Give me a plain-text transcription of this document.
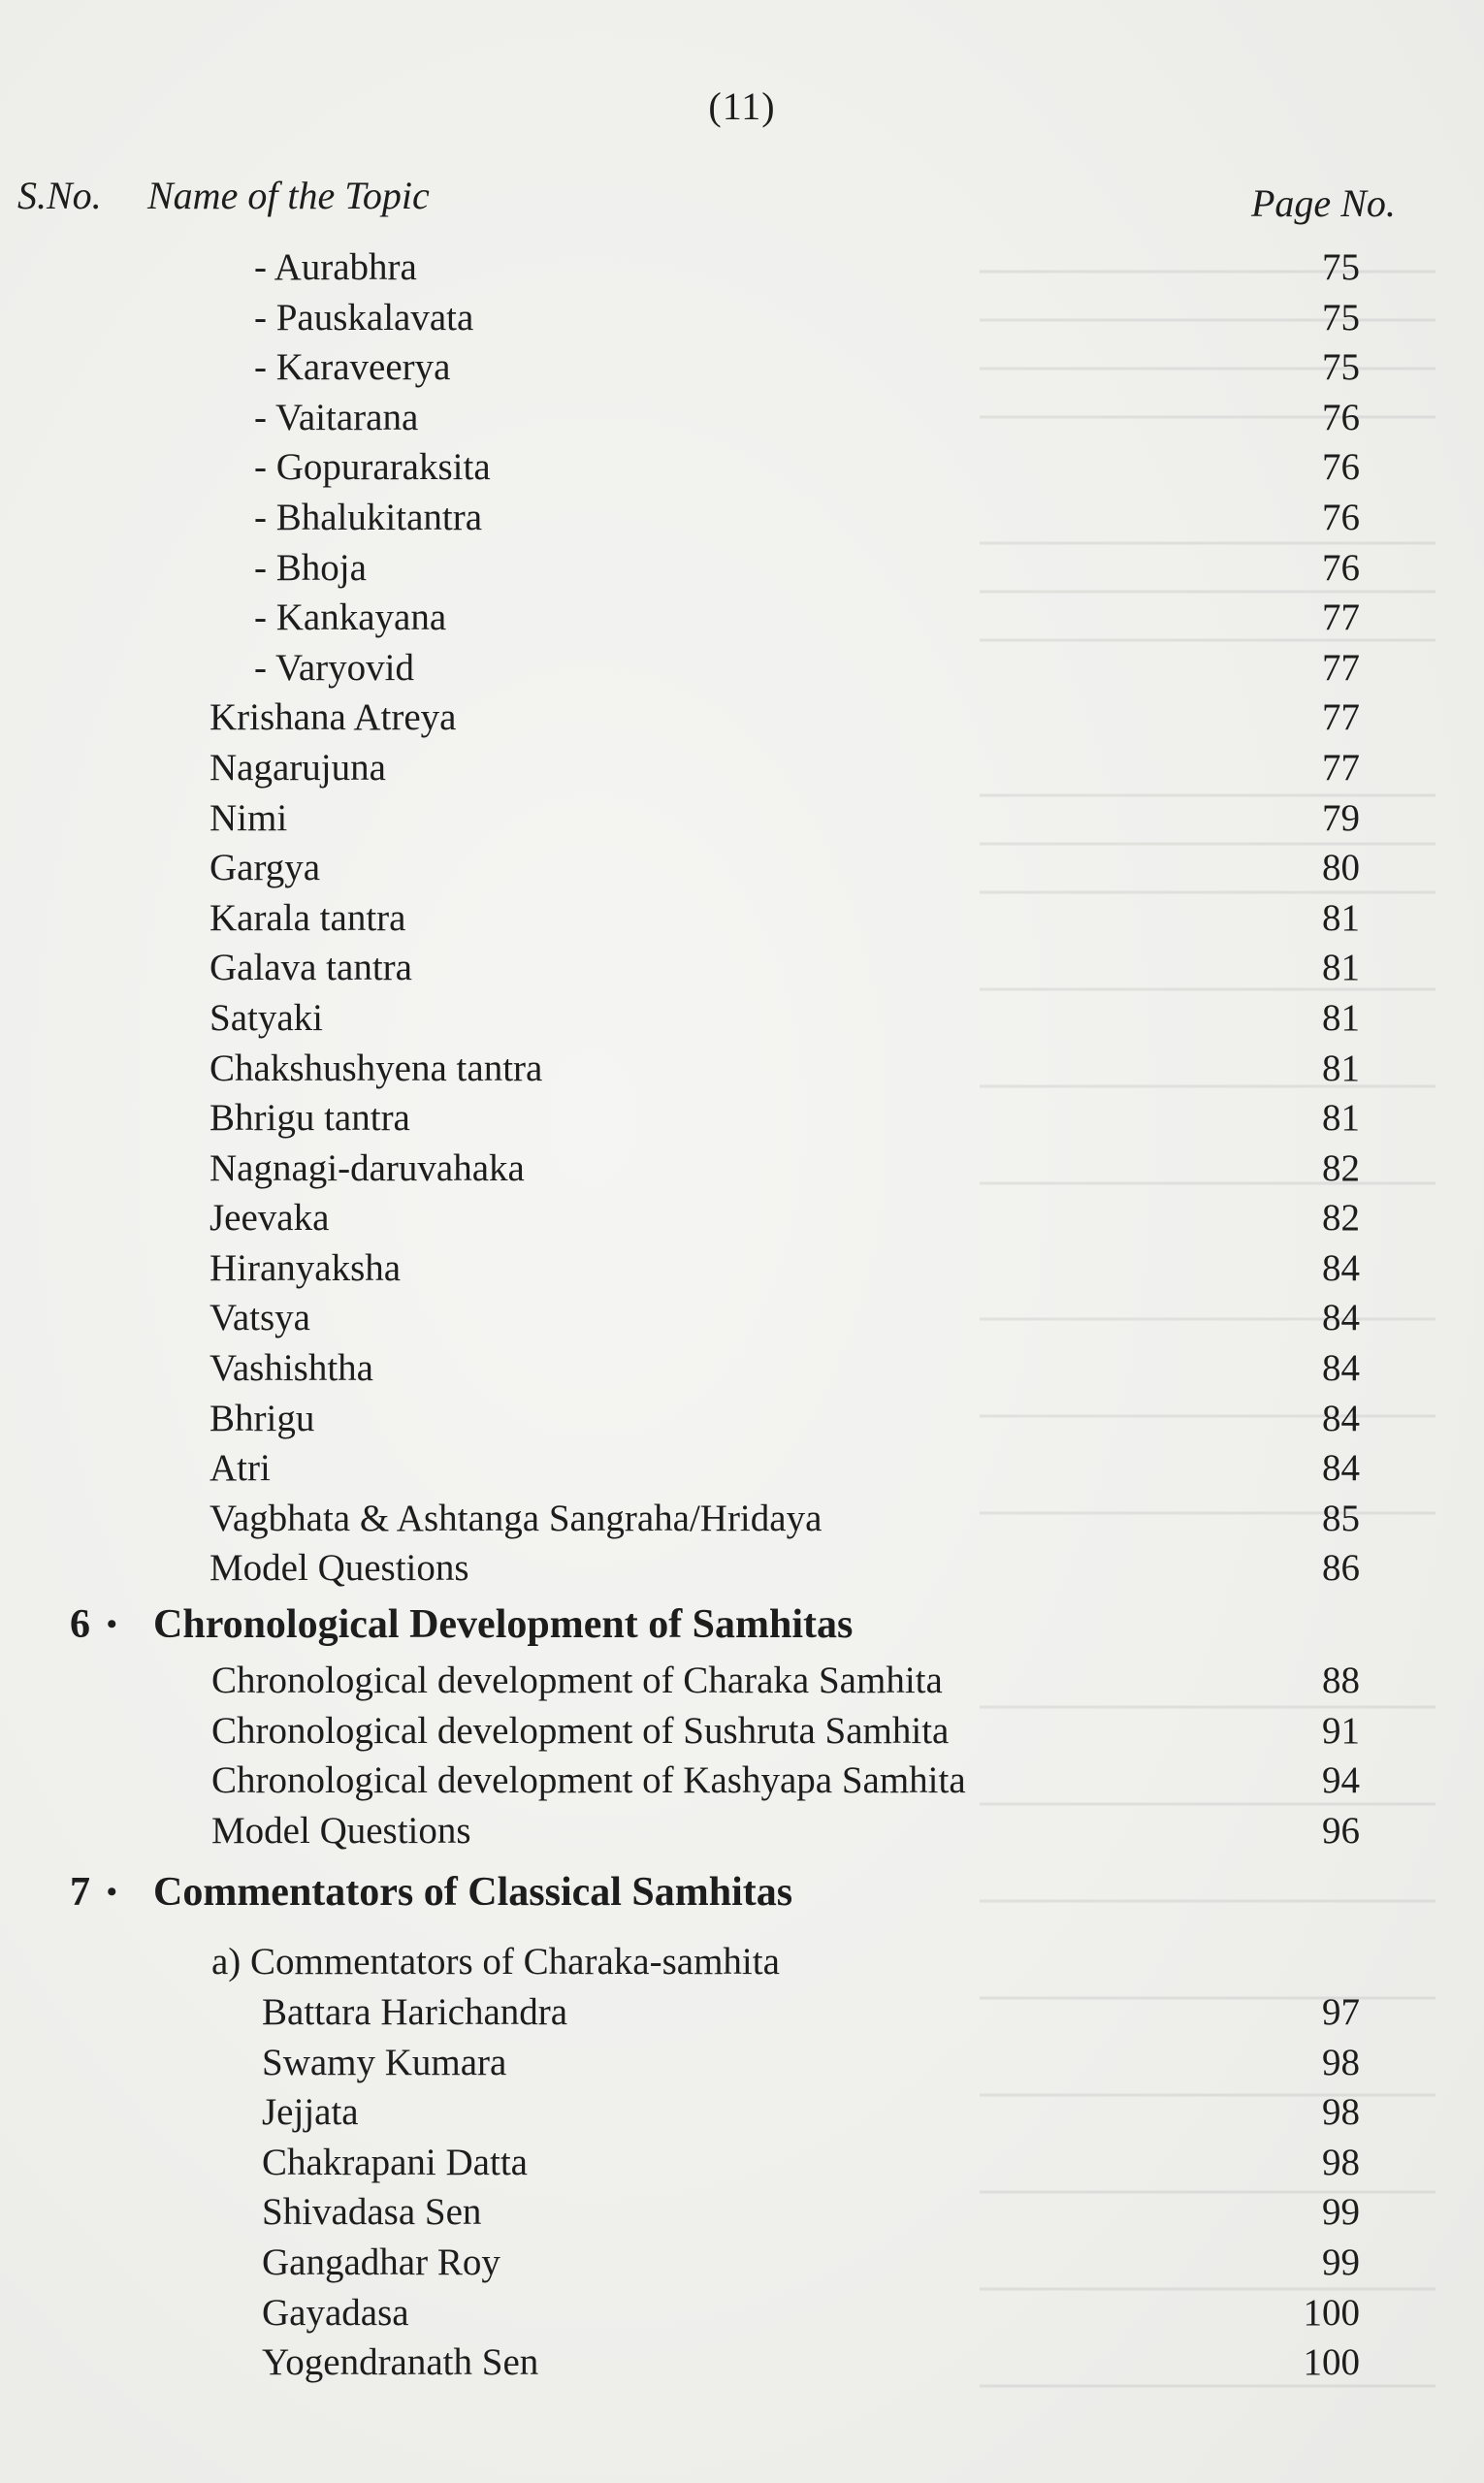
(11)
S.No. Name of the Topic	Page No.
- Aurabhra	75
- Pauskalavata	75
- Karaveerya	75
- Vaitarana	76
- Gopuraraksita	76
- Bhalukitantra	76
- Bhoja	76
- Kankayana	77
- Varyovid	77
Krishana Atreya	77
Nagarujuna	77
Nimi	79
Gargya	80
Karala tantra	81
Galava tantra	81
Satyaki	81
Chakshushyena tantra	81
Bhrigu tantra	81
Nagnagi-daruvahaka	82
Jeevaka	82
Hiranyaksha	84
Vatsya	84
Vashishtha	84
Bhrigu	84
Atri	84
Vagbhata & Ashtanga Sangraha/Hridaya	85
Model Questions	86
6 • Chronological Development of Samhitas
Chronological development of Charaka Samhita	88
Chronological development of Sushruta Samhita	91
Chronological development of Kashyapa Samhita	94
Model Questions	96
7 • Commentators of Classical Samhitas
a) Commentators of Charaka-samhita
Battara Harichandra	97
Swamy Kumara	98
Jejjata	98
Chakrapani Datta	98
Shivadasa Sen	99
Gangadhar Roy	99
Gayadasa	100
Yogendranath Sen	100
